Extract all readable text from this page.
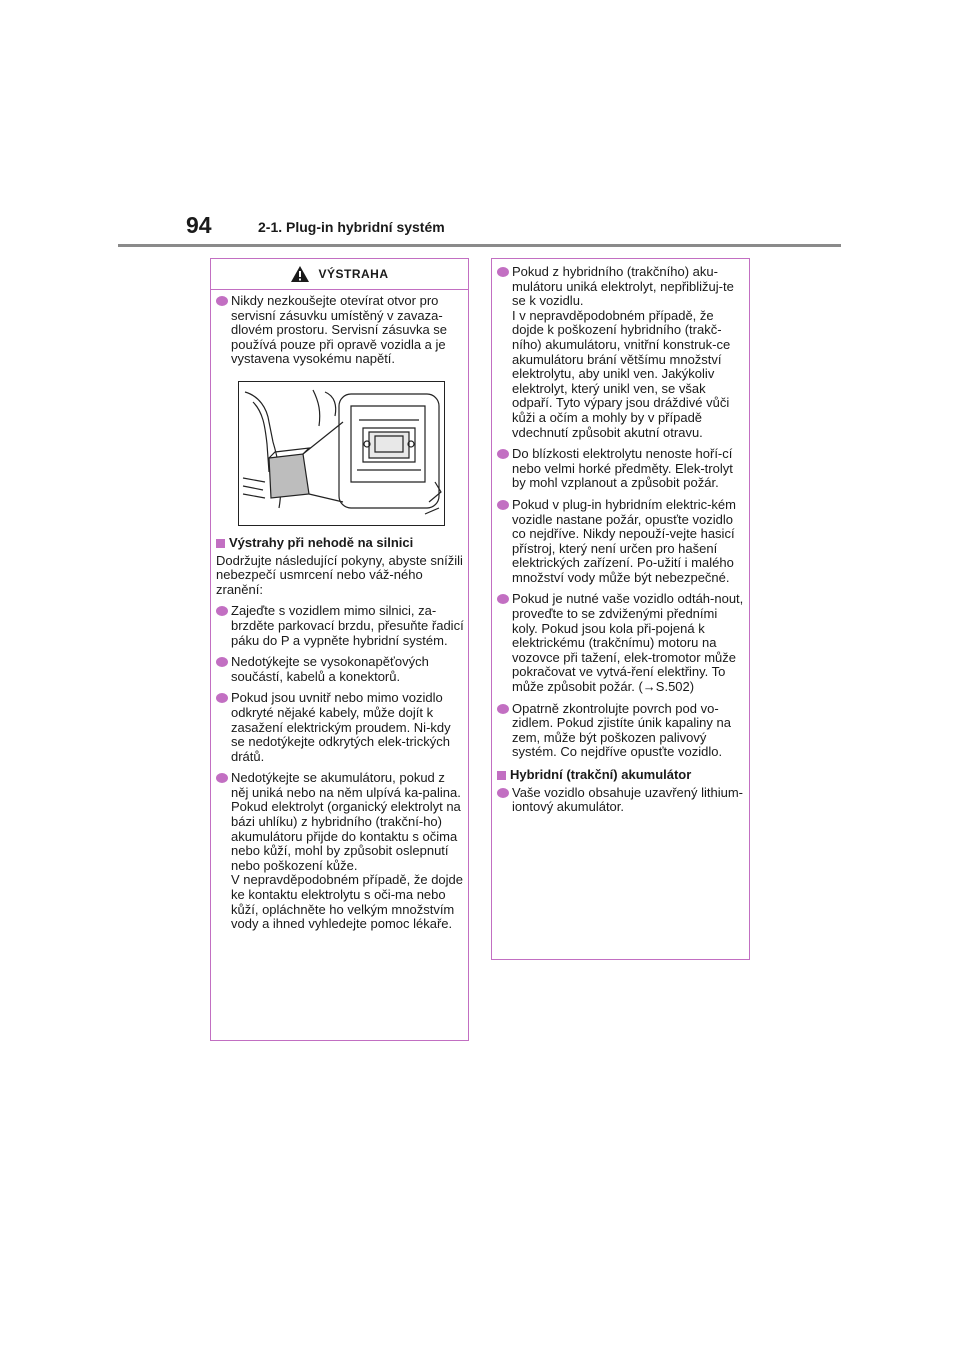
94	2-1. Plug-in hybridní systém
VÝSTRAHA
Nikdy nezkoušejte otevírat otvor pro servisní zásuvku umístěný v zavaza-dlovém prostoru. Servisní zásuvka se používá pouze při opravě vozidla a je vystavena vysokému napětí.
Výstrahy při nehodě na silnici
Dodržujte následující pokyny, abyste snížili nebezpečí usmrcení nebo váž-ného zranění:
Zajeďte s vozidlem mimo silnici, za-brzděte parkovací brzdu, přesuňte řadicí páku do P a vypněte hybridní systém.
Nedotýkejte se vysokonapěťových součástí, kabelů a konektorů.
Pokud jsou uvnitř nebo mimo vozidlo odkryté nějaké kabely, může dojít k zasažení elektrickým proudem. Ni-kdy se nedotýkejte odkrytých elek-trických drátů.
Nedotýkejte se akumulátoru, pokud z něj uniká nebo na něm ulpívá ka-palina.
Pokud elektrolyt (organický elektrolyt na bázi uhlíku) z hybridního (trakční-ho) akumulátoru přijde do kontaktu s očima nebo kůží, mohl by způsobit oslepnutí nebo poškození kůže.
V nepravděpodobném případě, že dojde ke kontaktu elektrolytu s oči-ma nebo kůží, opláchněte ho velkým množstvím vody a ihned vyhledejte pomoc lékaře.
Pokud z hybridního (trakčního) aku-mulátoru uniká elektrolyt, nepřibližuj-te se k vozidlu.
I v nepravděpodobném případě, že dojde k poškození hybridního (trakč-ního) akumulátoru, vnitřní konstruk-ce akumulátoru brání většímu množství elektrolytu, aby unikl ven. Jakýkoliv elektrolyt, který unikl ven, se však odpaří. Tyto výpary jsou dráždivé vůči kůži a očím a mohly by v případě vdechnutí způsobit akutní otravu.
Do blízkosti elektrolytu nenoste hoří-cí nebo velmi horké předměty. Elek-trolyt by mohl vzplanout a způsobit požár.
Pokud v plug-in hybridním elektric-kém vozidle nastane požár, opusťte vozidlo co nejdříve. Nikdy nepouží-vejte hasicí přístroj, který není určen pro hašení elektrických zařízení. Po-užití i malého množství vody může být nebezpečné.
Pokud je nutné vaše vozidlo odtáh-nout, proveďte to se zdviženými předními koly. Pokud jsou kola při-pojená k elektrickému (trakčnímu) motoru na vozovce při tažení, elek-tromotor může pokračovat ve vytvá-ření elektřiny. To může způsobit požár. (→S.502)
Opatrně zkontrolujte povrch pod vo-zidlem. Pokud zjistíte únik kapaliny na zem, může být poškozen palivový systém. Co nejdříve opusťte vozidlo.
Hybridní (trakční) akumulátor
Vaše vozidlo obsahuje uzavřený lithium-iontový akumulátor.
